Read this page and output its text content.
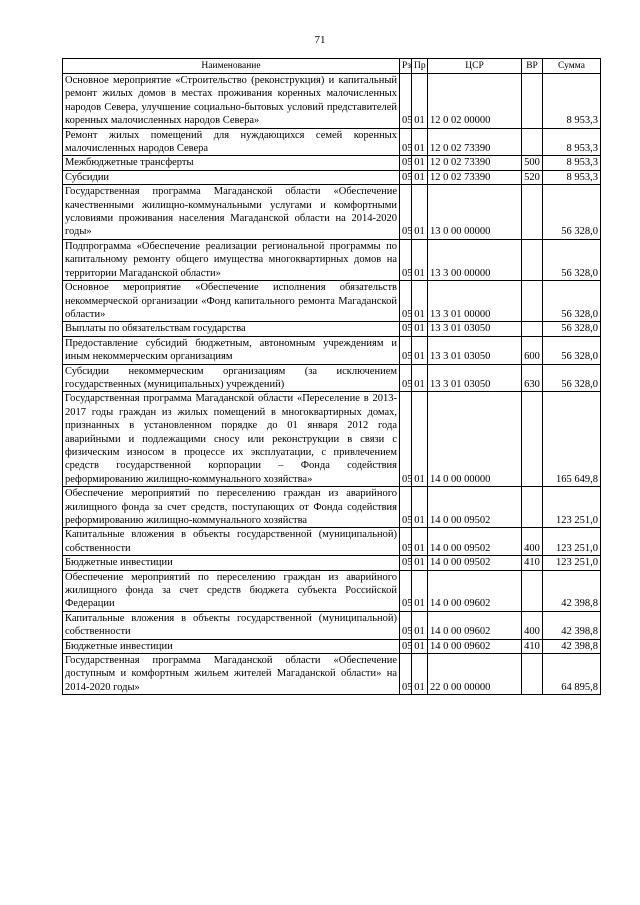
71
Наименование	Рз	Пр	ЦСР	ВР	Сумма
Основное мероприятие «Строительство (реконструкция) и капитальный ремонт жилых домов в местах проживания коренных малочисленных народов Севера, улучшение социально-бытовых условий представителей коренных малочисленных народов Севера»	05	01	12 0 02 00000		8 953,3
Ремонт жилых помещений для нуждающихся семей коренных малочисленных народов Севера	05	01	12 0 02 73390		8 953,3
Межбюджетные трансферты	05	01	12 0 02 73390	500	8 953,3
Субсидии	05	01	12 0 02 73390	520	8 953,3
Государственная программа Магаданской области «Обеспечение качественными жилищно-коммунальными услугами и комфортными условиями проживания населения Магаданской области на 2014-2020 годы»	05	01	13 0 00 00000		56 328,0
Подпрограмма «Обеспечение реализации региональной программы по капитальному ремонту общего имущества многоквартирных домов на территории Магаданской области»	05	01	13 3 00 00000		56 328,0
Основное мероприятие «Обеспечение исполнения обязательств некоммерческой организации «Фонд капитального ремонта Магаданской области»	05	01	13 3 01 00000		56 328,0
Выплаты по обязательствам государства	05	01	13 3 01 03050		56 328,0
Предоставление субсидий бюджетным, автономным учреждениям и иным некоммерческим организациям	05	01	13 3 01 03050	600	56 328,0
Субсидии некоммерческим организациям (за исключением государственных (муниципальных) учреждений)	05	01	13 3 01 03050	630	56 328,0
Государственная программа Магаданской области «Переселение в 2013-2017 годы граждан из жилых помещений в многоквартирных домах, признанных в установленном порядке до 01 января 2012 года аварийными и подлежащими сносу или реконструкции в связи с физическим износом в процессе их эксплуатации, с привлечением средств государственной корпорации – Фонда содействия реформированию жилищно-коммунального хозяйства»	05	01	14 0 00 00000		165 649,8
Обеспечение мероприятий по переселению граждан из аварийного жилищного фонда за счет средств, поступающих от Фонда содействия реформированию жилищно-коммунального хозяйства	05	01	14 0 00 09502		123 251,0
Капитальные вложения в объекты государственной (муниципальной) собственности	05	01	14 0 00 09502	400	123 251,0
Бюджетные инвестиции	05	01	14 0 00 09502	410	123 251,0
Обеспечение мероприятий по переселению граждан из аварийного жилищного фонда за счет средств бюджета субъекта Российской Федерации	05	01	14 0 00 09602		42 398,8
Капитальные вложения в объекты государственной (муниципальной) собственности	05	01	14 0 00 09602	400	42 398,8
Бюджетные инвестиции	05	01	14 0 00 09602	410	42 398,8
Государственная программа Магаданской области «Обеспечение доступным и комфортным жильем жителей Магаданской области» на 2014-2020 годы»	05	01	22 0 00 00000		64 895,8
